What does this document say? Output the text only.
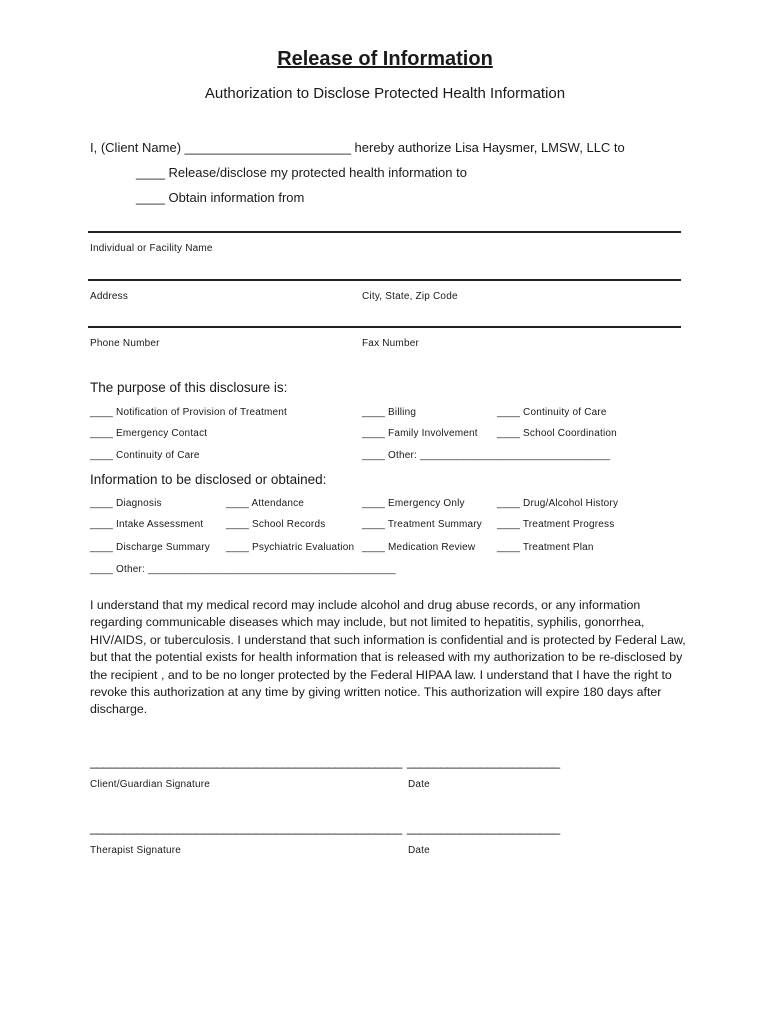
Release of Information
Authorization to Disclose Protected Health Information
I, (Client Name) _______________________ hereby authorize Lisa Haysmer, LMSW, LLC to
____ Release/disclose my protected health information to
____ Obtain information from
Individual or Facility Name
Address	City, State, Zip Code
Phone Number	Fax Number
The purpose of this disclosure is:
____ Notification of Provision of Treatment	____ Billing	____ Continuity of Care
____ Emergency Contact	____ Family Involvement ____ School Coordination
____ Continuity of Care	____ Other: _________________________________
Information to be disclosed or obtained:
____ Diagnosis	____ Attendance	____ Emergency Only	____ Drug/Alcohol History
____ Intake Assessment ____ School Records	____ Treatment Summary ____ Treatment Progress
____ Discharge Summary ____ Psychiatric Evaluation ____ Medication Review ____ Treatment Plan
____ Other: ___________________________________________
I understand that my medical record may include alcohol and drug abuse records, or any information regarding communicable diseases which may include, but not limited to hepatitis, syphilis, gonorrhea, HIV/AIDS, or tuberculosis. I understand that such information is confidential and is protected by Federal Law, but that the potential exists for health information that is released with my authorization to be re-disclosed by the recipient , and to be no longer protected by the Federal HIPAA law. I understand that I have the right to revoke this authorization at any time by giving written notice. This authorization will expire 180 days after discharge.
_______________________________________________ _______________________
Client/Guardian Signature	Date
_______________________________________________ _______________________
Therapist Signature	Date
